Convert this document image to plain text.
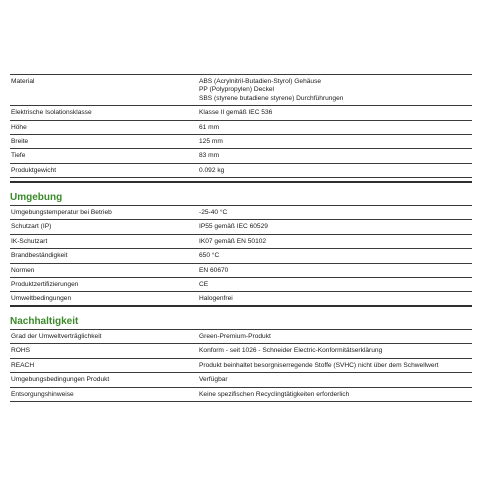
Material	ABS (Acrylnitril-Butadien-Styrol) Gehäuse
PP (Polypropylen) Deckel
SBS (styrene butadiene styrene) Durchführungen

Elektrische Isolationsklasse	Klasse II gemäß IEC 536

Höhe	61 mm

Breite	125 mm

Tiefe	83 mm

Produktgewicht	0.092 kg
Umgebung
Umgebungstemperatur bei Betrieb	-25-40 °C

Schutzart (IP)	IP55 gemäß IEC 60529

IK-Schutzart	IK07 gemäß EN 50102

Brandbeständigkeit	650 °C

Normen	EN 60670

Produktzertifizierungen	CE

Umweltbedingungen	Halogenfrei
Nachhaltigkeit
Grad der Umweltverträglichkeit	Green-Premium-Produkt

ROHS	Konform - seit 1026 - Schneider Electric-Konformitätserklärung

REACH	Produkt beinhaltet besorgniserregende Stoffe (SVHC) nicht über dem Schwellwert

Umgebungsbedingungen Produkt	Verfügbar

Entsorgungshinweise	Keine spezifischen Recyclingtätigkeiten erforderlich
